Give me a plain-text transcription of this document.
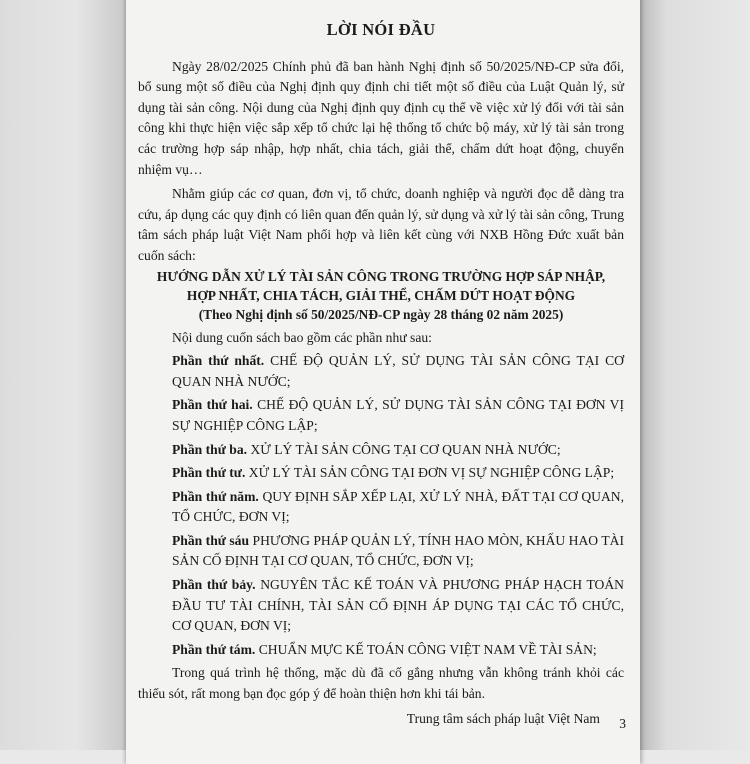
LỜI NÓI ĐẦU

Ngày 28/02/2025 Chính phủ đã ban hành Nghị định số 50/2025/NĐ-CP sửa đổi, bổ sung một số điều của Nghị định quy định chi tiết một số điều của Luật Quản lý, sử dụng tài sản công. Nội dung của Nghị định quy định cụ thể về việc xử lý đối với tài sản công khi thực hiện việc sắp xếp tổ chức lại hệ thống tổ chức bộ máy, xử lý tài sản trong các trường hợp sáp nhập, hợp nhất, chia tách, giải thể, chấm dứt hoạt động, chuyển nhiệm vụ…

Nhằm giúp các cơ quan, đơn vị, tổ chức, doanh nghiệp và người đọc dễ dàng tra cứu, áp dụng các quy định có liên quan đến quản lý, sử dụng và xử lý tài sản công, Trung tâm sách pháp luật Việt Nam phối hợp và liên kết cùng với NXB Hồng Đức xuất bản cuốn sách:

HƯỚNG DẪN XỬ LÝ TÀI SẢN CÔNG TRONG TRƯỜNG HỢP SÁP NHẬP,
HỢP NHẤT, CHIA TÁCH, GIẢI THỂ, CHẤM DỨT HOẠT ĐỘNG
(Theo Nghị định số 50/2025/NĐ-CP ngày 28 tháng 02 năm 2025)

Nội dung cuốn sách bao gồm các phần như sau:

Phần thứ nhất. CHẾ ĐỘ QUẢN LÝ, SỬ DỤNG TÀI SẢN CÔNG TẠI CƠ QUAN NHÀ NƯỚC;

Phần thứ hai. CHẾ ĐỘ QUẢN LÝ, SỬ DỤNG TÀI SẢN CÔNG TẠI ĐƠN VỊ SỰ NGHIỆP CÔNG LẬP;

Phần thứ ba. XỬ LÝ TÀI SẢN CÔNG TẠI CƠ QUAN NHÀ NƯỚC;

Phần thứ tư. XỬ LÝ TÀI SẢN CÔNG TẠI ĐƠN VỊ SỰ NGHIỆP CÔNG LẬP;

Phần thứ năm. QUY ĐỊNH SẮP XẾP LẠI, XỬ LÝ NHÀ, ĐẤT TẠI CƠ QUAN, TỔ CHỨC, ĐƠN VỊ;

Phần thứ sáu PHƯƠNG PHÁP QUẢN LÝ, TÍNH HAO MÒN, KHẤU HAO TÀI SẢN CỐ ĐỊNH TẠI CƠ QUAN, TỔ CHỨC, ĐƠN VỊ;

Phần thứ bảy. NGUYÊN TẮC KẾ TOÁN VÀ PHƯƠNG PHÁP HẠCH TOÁN ĐẦU TƯ TÀI CHÍNH, TÀI SẢN CỐ ĐỊNH ÁP DỤNG TẠI CÁC TỔ CHỨC, CƠ QUAN, ĐƠN VỊ;

Phần thứ tám. CHUẨN MỰC KẾ TOÁN CÔNG VIỆT NAM VỀ TÀI SẢN;

Trong quá trình hệ thống, mặc dù đã cố gắng nhưng vẫn không tránh khỏi các thiếu sót, rất mong bạn đọc góp ý để hoàn thiện hơn khi tái bản.

Trung tâm sách pháp luật Việt Nam	3
